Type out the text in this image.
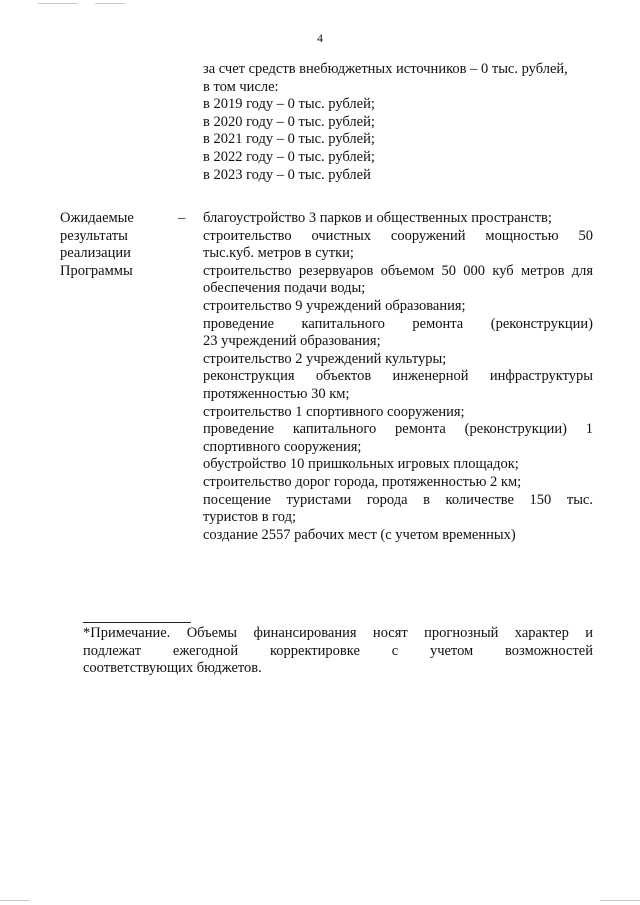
4
за счет средств внебюджетных источников – 0 тыс. рублей,
в том числе:
в 2019 году – 0 тыс. рублей;
в 2020 году – 0 тыс. рублей;
в 2021 году – 0 тыс. рублей;
в 2022 году – 0 тыс. рублей;
в 2023 году – 0 тыс. рублей
Ожидаемые
результаты
реализации
Программы
– благоустройство 3 парков и общественных пространств;
строительство очистных сооружений мощностью 50
тыс.куб. метров в сутки;
строительство резервуаров объемом 50 000 куб метров для
обеспечения подачи воды;
строительство 9 учреждений образования;
проведение капитального ремонта (реконструкции)
23 учреждений образования;
строительство 2 учреждений культуры;
реконструкция объектов инженерной инфраструктуры
протяженностью 30 км;
строительство 1 спортивного сооружения;
проведение капитального ремонта (реконструкции) 1
спортивного сооружения;
обустройство 10 пришкольных игровых площадок;
строительство дорог города, протяженностью 2 км;
посещение туристами города в количестве 150 тыс.
туристов в год;
создание 2557 рабочих мест (с учетом временных)
*Примечание. Объемы финансирования носят прогнозный характер и
подлежат ежегодной корректировке с учетом возможностей
соответствующих бюджетов.
